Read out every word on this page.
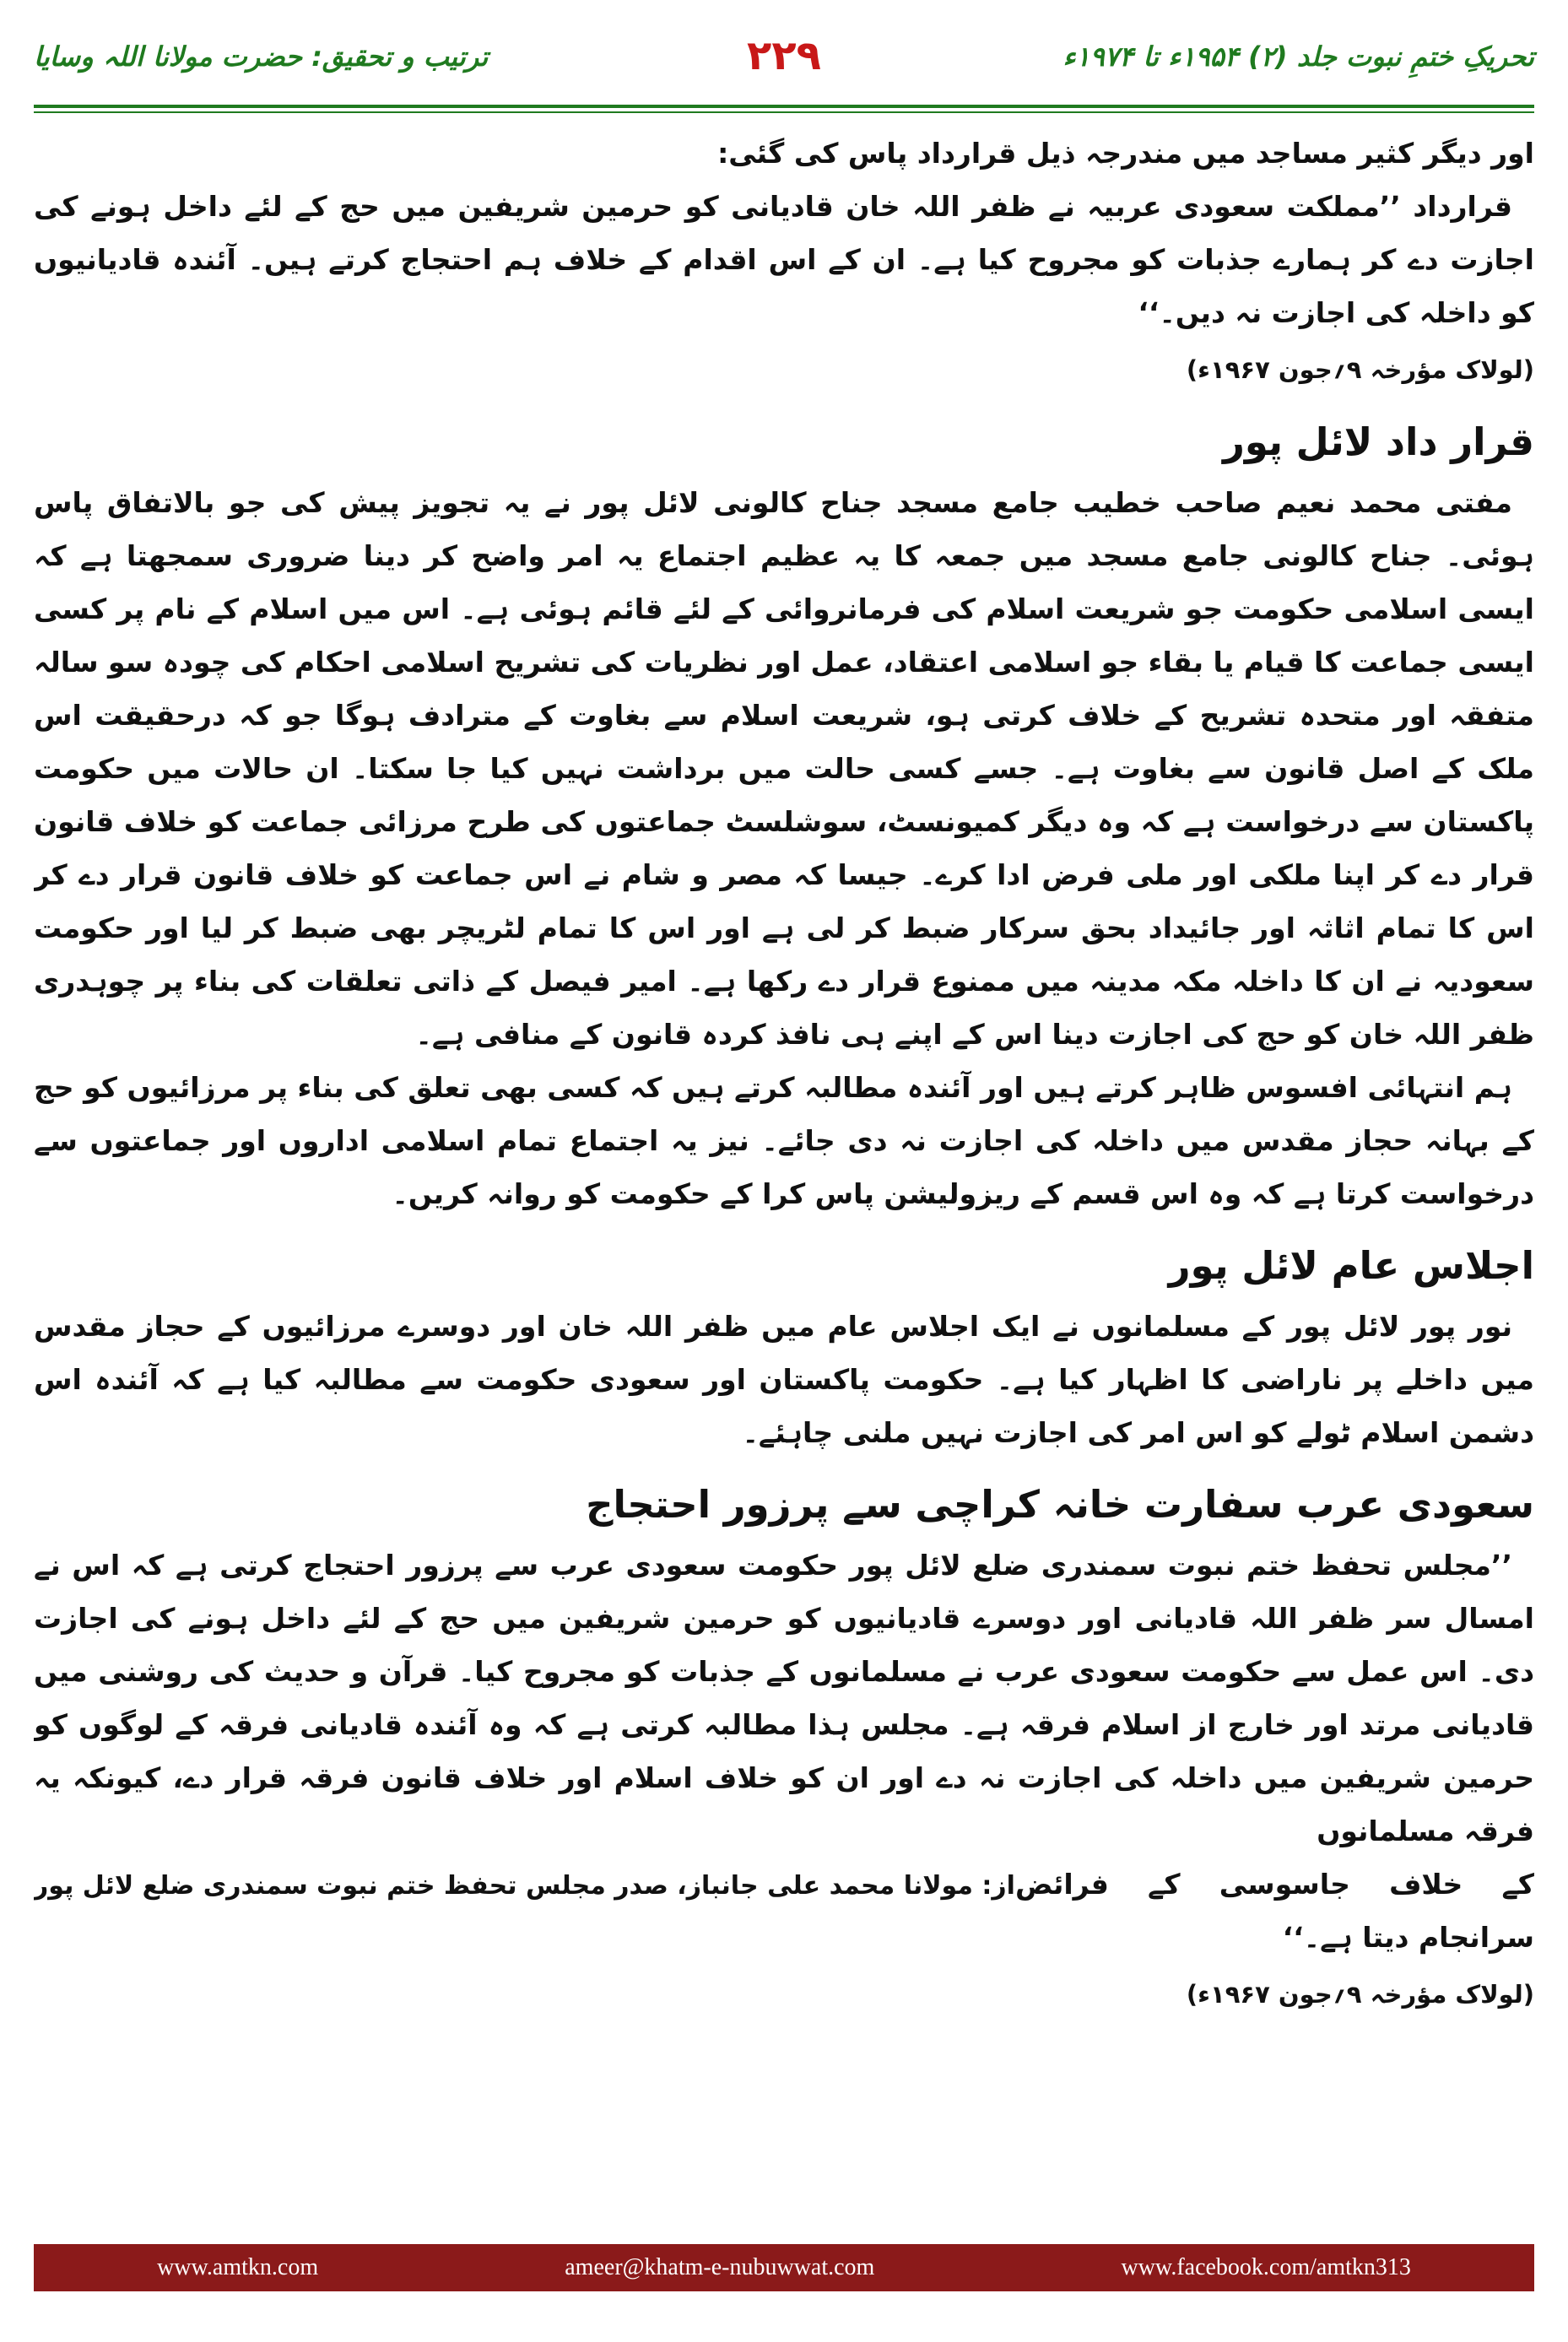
تحریکِ ختمِ نبوت جلد (۲) ۱۹۵۴ء تا ۱۹۷۴ء
۲۲۹
ترتیب و تحقیق: حضرت مولانا اللہ وسایا

اور دیگر کثیر مساجد میں مندرجہ ذیل قرارداد پاس کی گئی:

قرارداد ’’مملکت سعودی عربیہ نے ظفر اللہ خان قادیانی کو حرمین شریفین میں حج کے لئے داخل ہونے کی اجازت دے کر ہمارے جذبات کو مجروح کیا ہے۔ ان کے اس اقدام کے خلاف ہم احتجاج کرتے ہیں۔ آئندہ قادیانیوں کو داخلہ کی اجازت نہ دیں۔‘‘

(لولاک مؤرخہ ۹؍جون ۱۹۶۷ء)
قرار داد لائل پور

مفتی محمد نعیم صاحب خطیب جامع مسجد جناح کالونی لائل پور نے یہ تجویز پیش کی جو بالاتفاق پاس ہوئی۔ جناح کالونی جامع مسجد میں جمعہ کا یہ عظیم اجتماع یہ امر واضح کر دینا ضروری سمجھتا ہے کہ ایسی اسلامی حکومت جو شریعت اسلام کی فرمانروائی کے لئے قائم ہوئی ہے۔ اس میں اسلام کے نام پر کسی ایسی جماعت کا قیام یا بقاء جو اسلامی اعتقاد، عمل اور نظریات کی تشریح اسلامی احکام کی چودہ سو سالہ متفقہ اور متحدہ تشریح کے خلاف کرتی ہو، شریعت اسلام سے بغاوت کے مترادف ہوگا جو کہ درحقیقت اس ملک کے اصل قانون سے بغاوت ہے۔ جسے کسی حالت میں برداشت نہیں کیا جا سکتا۔ ان حالات میں حکومت پاکستان سے درخواست ہے کہ وہ دیگر کمیونسٹ، سوشلسٹ جماعتوں کی طرح مرزائی جماعت کو خلاف قانون قرار دے کر اپنا ملکی اور ملی فرض ادا کرے۔ جیسا کہ مصر و شام نے اس جماعت کو خلاف قانون قرار دے کر اس کا تمام اثاثہ اور جائیداد بحق سرکار ضبط کر لی ہے اور اس کا تمام لٹریچر بھی ضبط کر لیا اور حکومت سعودیہ نے ان کا داخلہ مکہ مدینہ میں ممنوع قرار دے رکھا ہے۔ امیر فیصل کے ذاتی تعلقات کی بناء پر چوہدری ظفر اللہ خان کو حج کی اجازت دینا اس کے اپنے ہی نافذ کردہ قانون کے منافی ہے۔

ہم انتہائی افسوس ظاہر کرتے ہیں اور آئندہ مطالبہ کرتے ہیں کہ کسی بھی تعلق کی بناء پر مرزائیوں کو حج کے بہانہ حجاز مقدس میں داخلہ کی اجازت نہ دی جائے۔ نیز یہ اجتماع تمام اسلامی اداروں اور جماعتوں سے درخواست کرتا ہے کہ وہ اس قسم کے ریزولیشن پاس کرا کے حکومت کو روانہ کریں۔

اجلاس عام لائل پور

نور پور لائل پور کے مسلمانوں نے ایک اجلاس عام میں ظفر اللہ خان اور دوسرے مرزائیوں کے حجاز مقدس میں داخلے پر ناراضی کا اظہار کیا ہے۔ حکومت پاکستان اور سعودی حکومت سے مطالبہ کیا ہے کہ آئندہ اس دشمن اسلام ٹولے کو اس امر کی اجازت نہیں ملنی چاہئے۔

سعودی عرب سفارت خانہ کراچی سے پرزور احتجاج

’’مجلس تحفظ ختم نبوت سمندری ضلع لائل پور حکومت سعودی عرب سے پرزور احتجاج کرتی ہے کہ اس نے امسال سر ظفر اللہ قادیانی اور دوسرے قادیانیوں کو حرمین شریفین میں حج کے لئے داخل ہونے کی اجازت دی۔ اس عمل سے حکومت سعودی عرب نے مسلمانوں کے جذبات کو مجروح کیا۔ قرآن و حدیث کی روشنی میں قادیانی مرتد اور خارج از اسلام فرقہ ہے۔ مجلس ہذا مطالبہ کرتی ہے کہ وہ آئندہ قادیانی فرقہ کے لوگوں کو حرمین شریفین میں داخلہ کی اجازت نہ دے اور ان کو خلاف اسلام اور خلاف قانون فرقہ قرار دے، کیونکہ یہ فرقہ مسلمانوں

کے خلاف جاسوسی کے فرائض سرانجام دیتا ہے۔‘‘
از: مولانا محمد علی جانباز، صدر مجلس تحفظ ختم نبوت سمندری ضلع لائل پور

(لولاک مؤرخہ ۹؍جون ۱۹۶۷ء)
www.amtkn.com	ameer@khatm-e-nubuwwat.com	www.facebook.com/amtkn313
